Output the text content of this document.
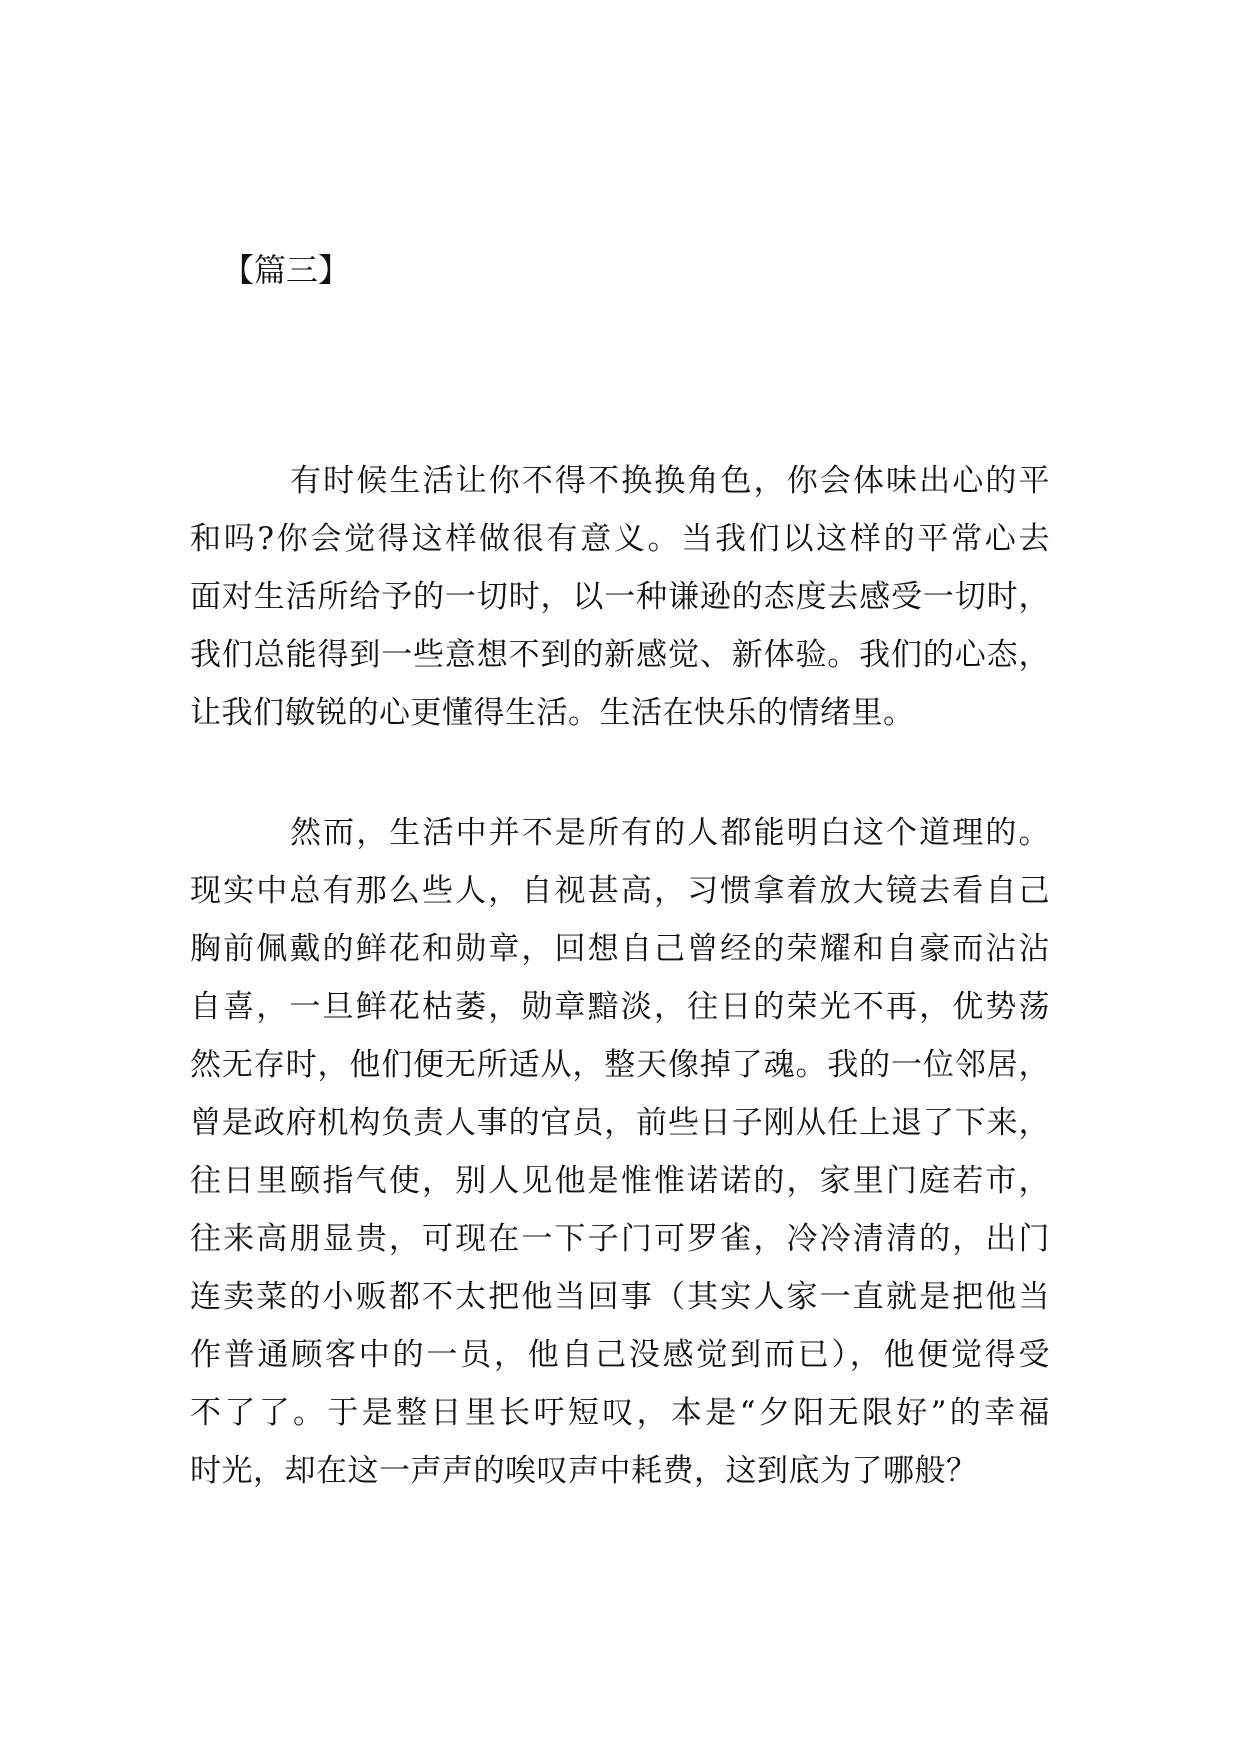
【篇三】

有时候生活让你不得不换换角色，你会体味出心的平
和吗?你会觉得这样做很有意义。当我们以这样的平常心去
面对生活所给予的一切时，以一种谦逊的态度去感受一切时，
我们总能得到一些意想不到的新感觉、新体验。我们的心态，
让我们敏锐的心更懂得生活。生活在快乐的情绪里。

然而，生活中并不是所有的人都能明白这个道理的。
现实中总有那么些人，自视甚高，习惯拿着放大镜去看自己
胸前佩戴的鲜花和勋章，回想自己曾经的荣耀和自豪而沾沾
自喜，一旦鲜花枯萎，勋章黯淡，往日的荣光不再，优势荡
然无存时，他们便无所适从，整天像掉了魂。我的一位邻居，
曾是政府机构负责人事的官员，前些日子刚从任上退了下来，
往日里颐指气使，别人见他是惟惟诺诺的，家里门庭若市，
往来高朋显贵，可现在一下子门可罗雀，冷冷清清的，出门
连卖菜的小贩都不太把他当回事（其实人家一直就是把他当
作普通顾客中的一员，他自己没感觉到而已），他便觉得受
不了了。于是整日里长吁短叹，本是“夕阳无限好”的幸福
时光，却在这一声声的唉叹声中耗费，这到底为了哪般？
